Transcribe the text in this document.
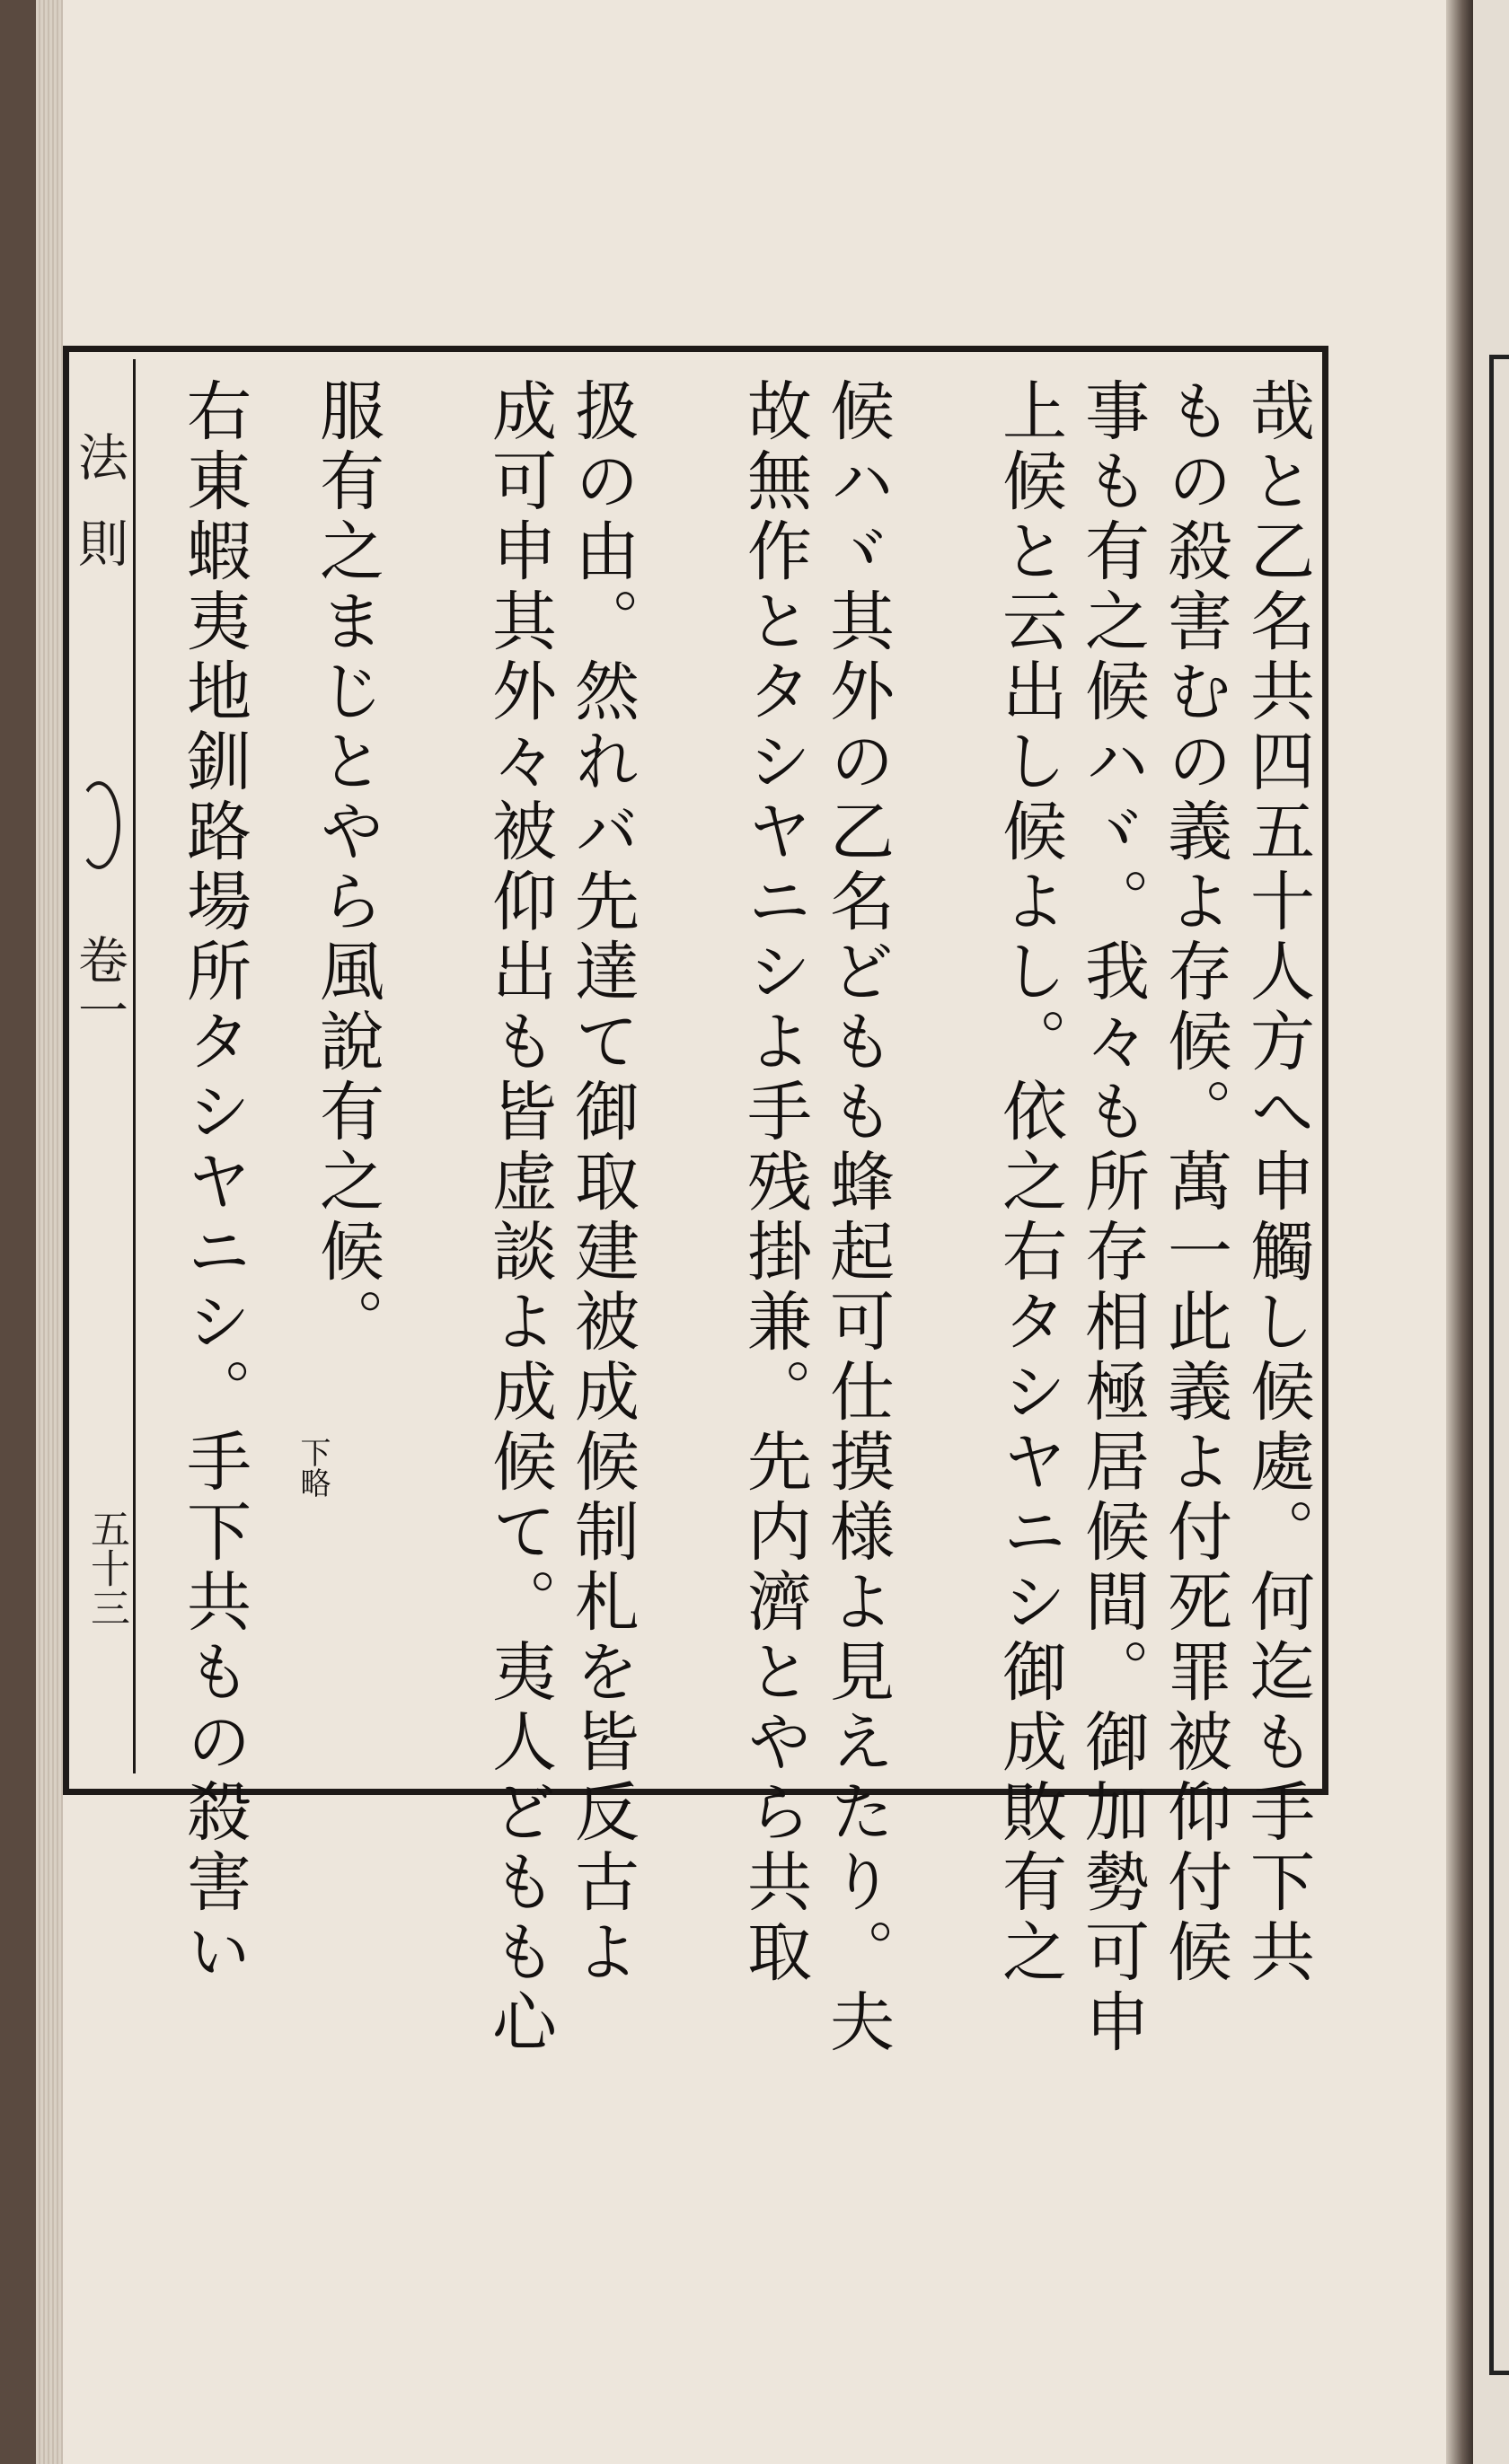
法則
卷一
五十三	哉と乙名共四五十人方へ申觸し候處。何迄も手下共
もの殺害むの義よ存候。萬一此義よ付死罪被仰付候
事も有之候ハヾ。我々も所存相極居候間。御加勢可申
上候と云出し候よし。依之右タシヤニシ御成敗有之
候ハヾ其外の乙名どもも蜂起可仕摸様よ見えたり。夫
故無作とタシヤニシよ手残掛兼。先内濟とやら共取
扱の由。然れバ先達て御取建被成候制札を皆反古よ
成可申其外々被仰出も皆虚談よ成候て。夷人どもも心
服有之まじとやら風說有之候。
右東蝦夷地釧路場所タシヤニシ。手下共もの殺害い 下略
